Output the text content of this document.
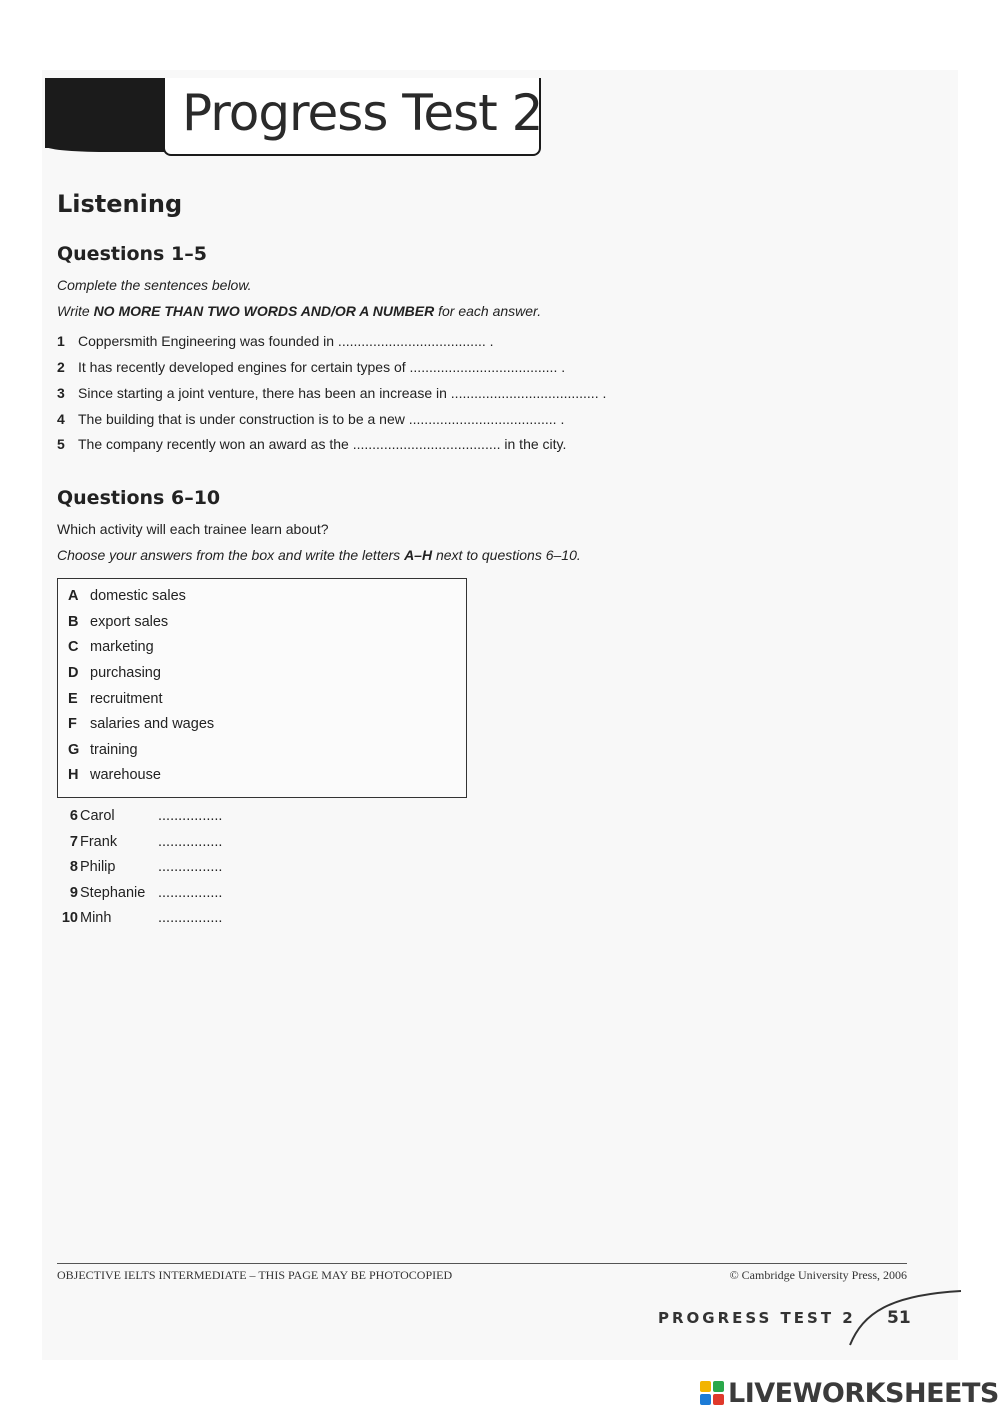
Progress Test 2
Listening
Questions 1–5
Complete the sentences below.
Write NO MORE THAN TWO WORDS AND/OR A NUMBER for each answer.
1 Coppersmith Engineering was founded in ...................................... .
2 It has recently developed engines for certain types of ...................................... .
3 Since starting a joint venture, there has been an increase in ...................................... .
4 The building that is under construction is to be a new ...................................... .
5 The company recently won an award as the ...................................... in the city.
Questions 6–10
Which activity will each trainee learn about?
Choose your answers from the box and write the letters A–H next to questions 6–10.
A domestic sales
B export sales
C marketing
D purchasing
E recruitment
F salaries and wages
G training
H warehouse
6 Carol	................
7 Frank	................
8 Philip	................
9 Stephanie ................
10 Minh	................
OBJECTIVE IELTS INTERMEDIATE – THIS PAGE MAY BE PHOTOCOPIED	© Cambridge University Press, 2006
PROGRESS TEST 2 51
LIVEWORKSHEETS
